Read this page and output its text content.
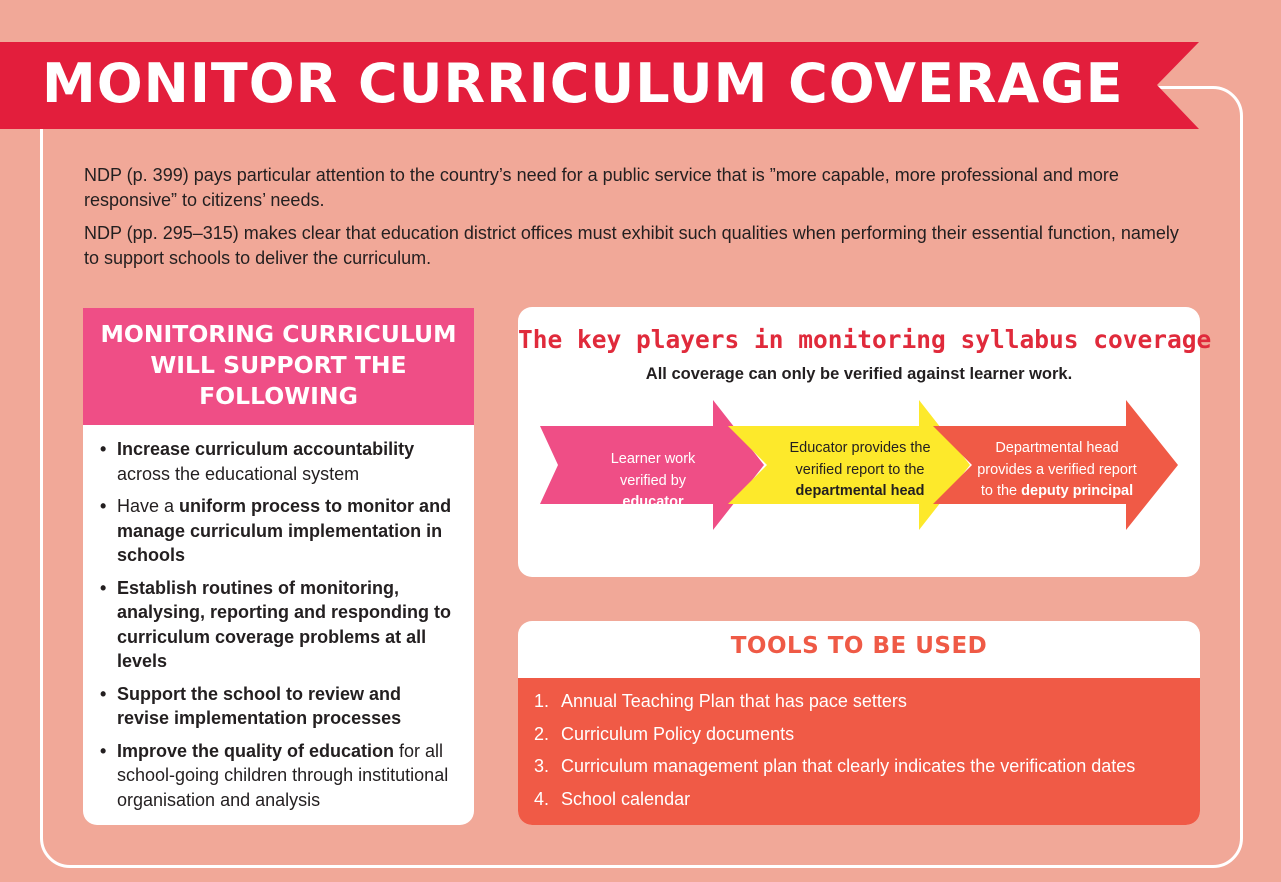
MONITOR CURRICULUM COVERAGE

NDP (p. 399) pays particular attention to the country’s need for a public service that is ”more capable, more professional and more responsive” to citizens’ needs.

NDP (pp. 295–315) makes clear that education district offices must exhibit such qualities when performing their essential function, namely to support schools to deliver the curriculum.

MONITORING CURRICULUM
WILL SUPPORT THE
FOLLOWING
• Increase curriculum accountability across the educational system
• Have a uniform process to monitor and manage curriculum implementation in schools
• Establish routines of monitoring, analysing, reporting and responding to curriculum coverage problems at all levels
• Support the school to review and revise implementation processes
• Improve the quality of education for all school-going children through institutional organisation and analysis
The key players in monitoring syllabus coverage
All coverage can only be verified against learner work.
Learner work verified by educator
Educator provides the verified report to the departmental head
Departmental head provides a verified report to the deputy principal or principal
TOOLS TO BE USED
1. Annual Teaching Plan that has pace setters
2. Curriculum Policy documents
3. Curriculum management plan that clearly indicates the verification dates
4. School calendar
